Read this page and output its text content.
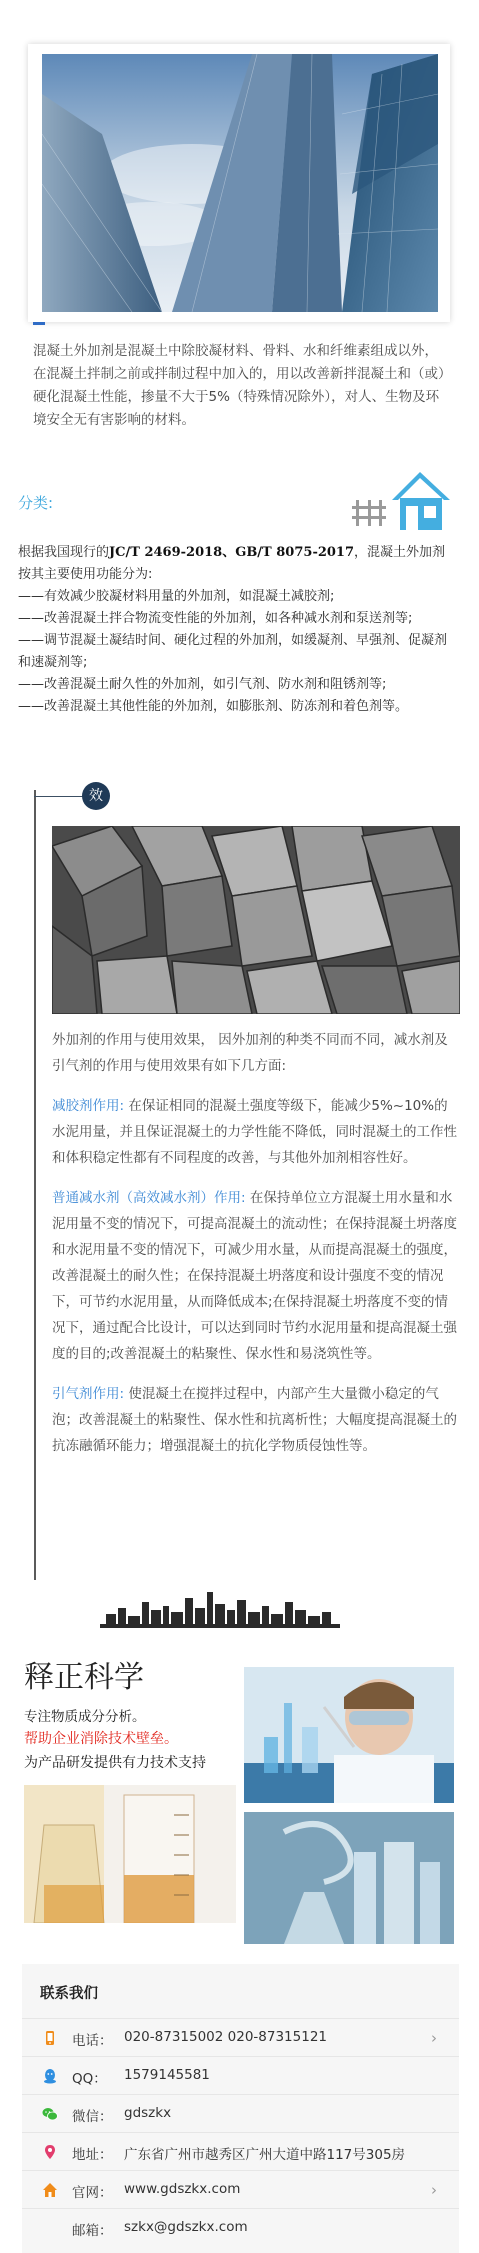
混凝土外加剂是混凝土中除胶凝材料、骨料、水和纤维素组成以外，在混凝土拌制之前或拌制过程中加入的，用以改善新拌混凝土和（或）硬化混凝土性能，掺量不大于5%（特殊情况除外），对人、生物及环境安全无有害影响的材料。

分类:
根据我国现行的JC/T 2469-2018、GB/T 8075-2017，混凝土外加剂按其主要使用功能分为:
——有效减少胶凝材料用量的外加剂，如混凝土减胶剂;
——改善混凝土拌合物流变性能的外加剂，如各种减水剂和泵送剂等;
——调节混凝土凝结时间、硬化过程的外加剂，如缓凝剂、早强剂、促凝剂和速凝剂等;
——改善混凝土耐久性的外加剂，如引气剂、防水剂和阻锈剂等;
——改善混凝土其他性能的外加剂，如膨胀剂、防冻剂和着色剂等。
效
外加剂的作用与使用效果， 因外加剂的种类不同而不同，减水剂及引气剂的作用与使用效果有如下几方面:
减胶剂作用: 在保证相同的混凝土强度等级下，能减少5%~10%的水泥用量，并且保证混凝土的力学性能不降低，同时混凝土的工作性和体积稳定性都有不同程度的改善，与其他外加剂相容性好。
普通减水剂（高效减水剂）作用: 在保持单位立方混凝土用水量和水泥用量不变的情况下，可提高混凝土的流动性；在保持混凝土坍落度和水泥用量不变的情况下，可减少用水量，从而提高混凝土的强度，改善混凝土的耐久性；在保持混凝土坍落度和设计强度不变的情况下，可节约水泥用量，从而降低成本;在保持混凝土坍落度不变的情况下，通过配合比设计，可以达到同时节约水泥用量和提高混凝土强度的目的;改善混凝土的粘聚性、保水性和易浇筑性等。
引气剂作用: 使混凝土在搅拌过程中，内部产生大量微小稳定的气泡；改善混凝土的粘聚性、保水性和抗离析性；大幅度提高混凝土的抗冻融循环能力；增强混凝土的抗化学物质侵蚀性等。
释正科学
专注物质成分分析。
帮助企业消除技术壁垒。
为产品研发提供有力技术支持
联系我们
电话： 020-87315002 020-87315121	›
QQ： 1579145581
微信： gdszkx
地址： 广东省广州市越秀区广州大道中路117号305房
官网： www.gdszkx.com	›
邮箱： szkx@gdszkx.com
